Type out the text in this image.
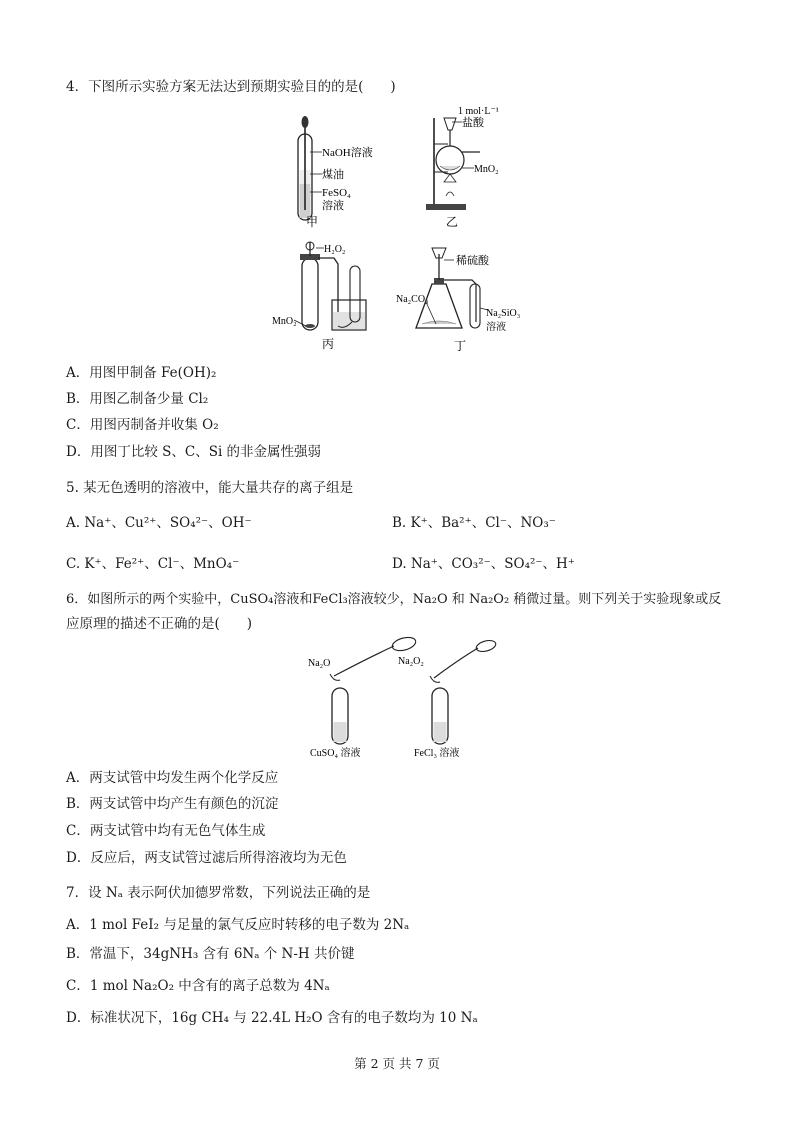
4．下图所示实验方案无法达到预期实验目的的是(　　)
NaOH溶液
煤油
FeSO₄
溶液
甲
1 mol·L⁻¹
盐酸
MnO₂
乙
H₂O₂
MnO₂
丙
稀硫酸
Na₂CO₃
Na₂SiO₃
溶液
丁
A．用图甲制备 Fe(OH)₂
B．用图乙制备少量 Cl₂
C．用图丙制备并收集 O₂
D．用图丁比较 S、C、Si 的非金属性强弱
5. 某无色透明的溶液中，能大量共存的离子组是
A. Na⁺、Cu²⁺、SO₄²⁻、OH⁻	B. K⁺、Ba²⁺、Cl⁻、NO₃⁻
C. K⁺、Fe²⁺、Cl⁻、MnO₄⁻	D. Na⁺、CO₃²⁻、SO₄²⁻、H⁺
6．如图所示的两个实验中，CuSO₄溶液和FeCl₃溶液较少，Na₂O 和 Na₂O₂ 稍微过量。则下列关于实验现象或反
应原理的描述不正确的是(　　)
Na₂O	Na₂O₂
CuSO₄ 溶液	FeCl₃ 溶液
A．两支试管中均发生两个化学反应
B．两支试管中均产生有颜色的沉淀
C．两支试管中均有无色气体生成
D．反应后，两支试管过滤后所得溶液均为无色
7．设 Nₐ 表示阿伏加德罗常数，下列说法正确的是
A．1 mol FeI₂ 与足量的氯气反应时转移的电子数为 2Nₐ
B．常温下，34gNH₃ 含有 6Nₐ 个 N-H 共价键
C．1 mol Na₂O₂ 中含有的离子总数为 4Nₐ
D．标准状况下，16g CH₄ 与 22.4L H₂O 含有的电子数均为 10 Nₐ
第 2 页 共 7 页
